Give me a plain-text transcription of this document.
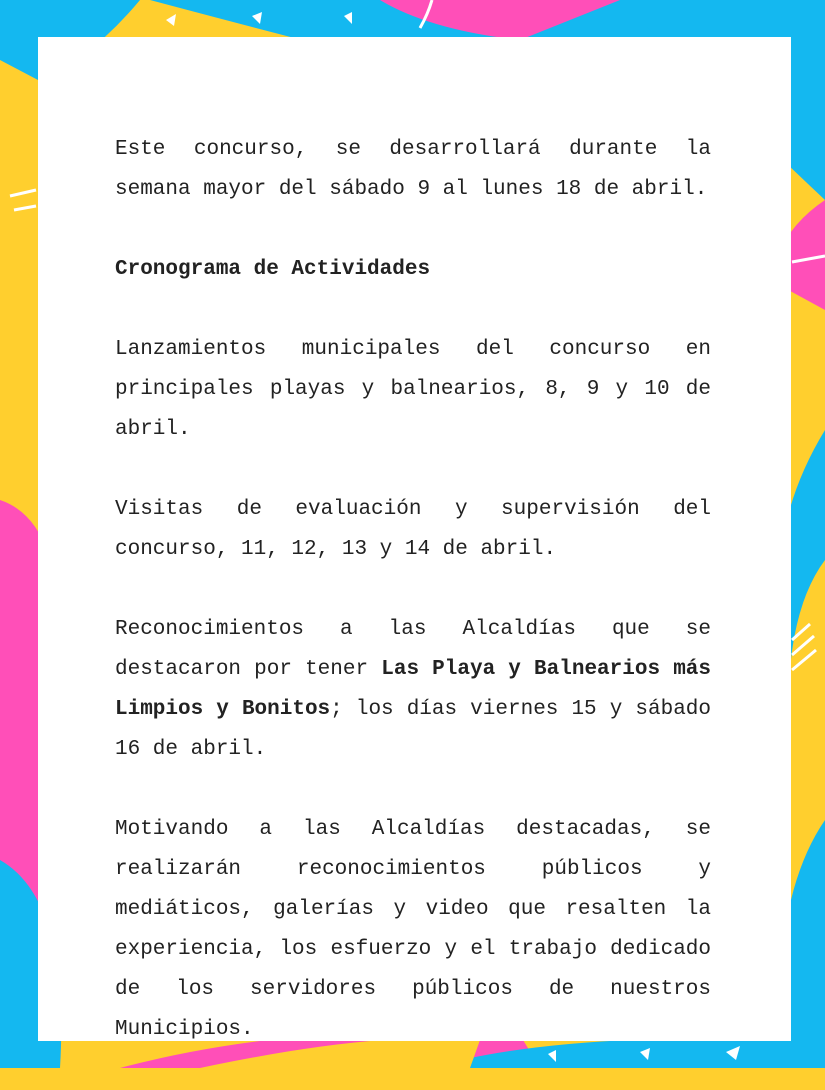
Este concurso, se desarrollará durante la semana mayor del sábado 9 al lunes 18 de abril.

Cronograma de Actividades

Lanzamientos municipales del concurso en principales playas y balnearios, 8, 9 y 10 de abril.

Visitas de evaluación y supervisión del concurso, 11, 12, 13 y 14 de abril.

Reconocimientos a las Alcaldías que se destacaron por tener Las Playa y Balnearios más Limpios y Bonitos; los días viernes 15 y sábado 16 de abril.

Motivando a las Alcaldías destacadas, se realizarán reconocimientos públicos y mediáticos, galerías y video que resalten la experiencia, los esfuerzo y el trabajo dedicado de los servidores públicos de nuestros Municipios.
